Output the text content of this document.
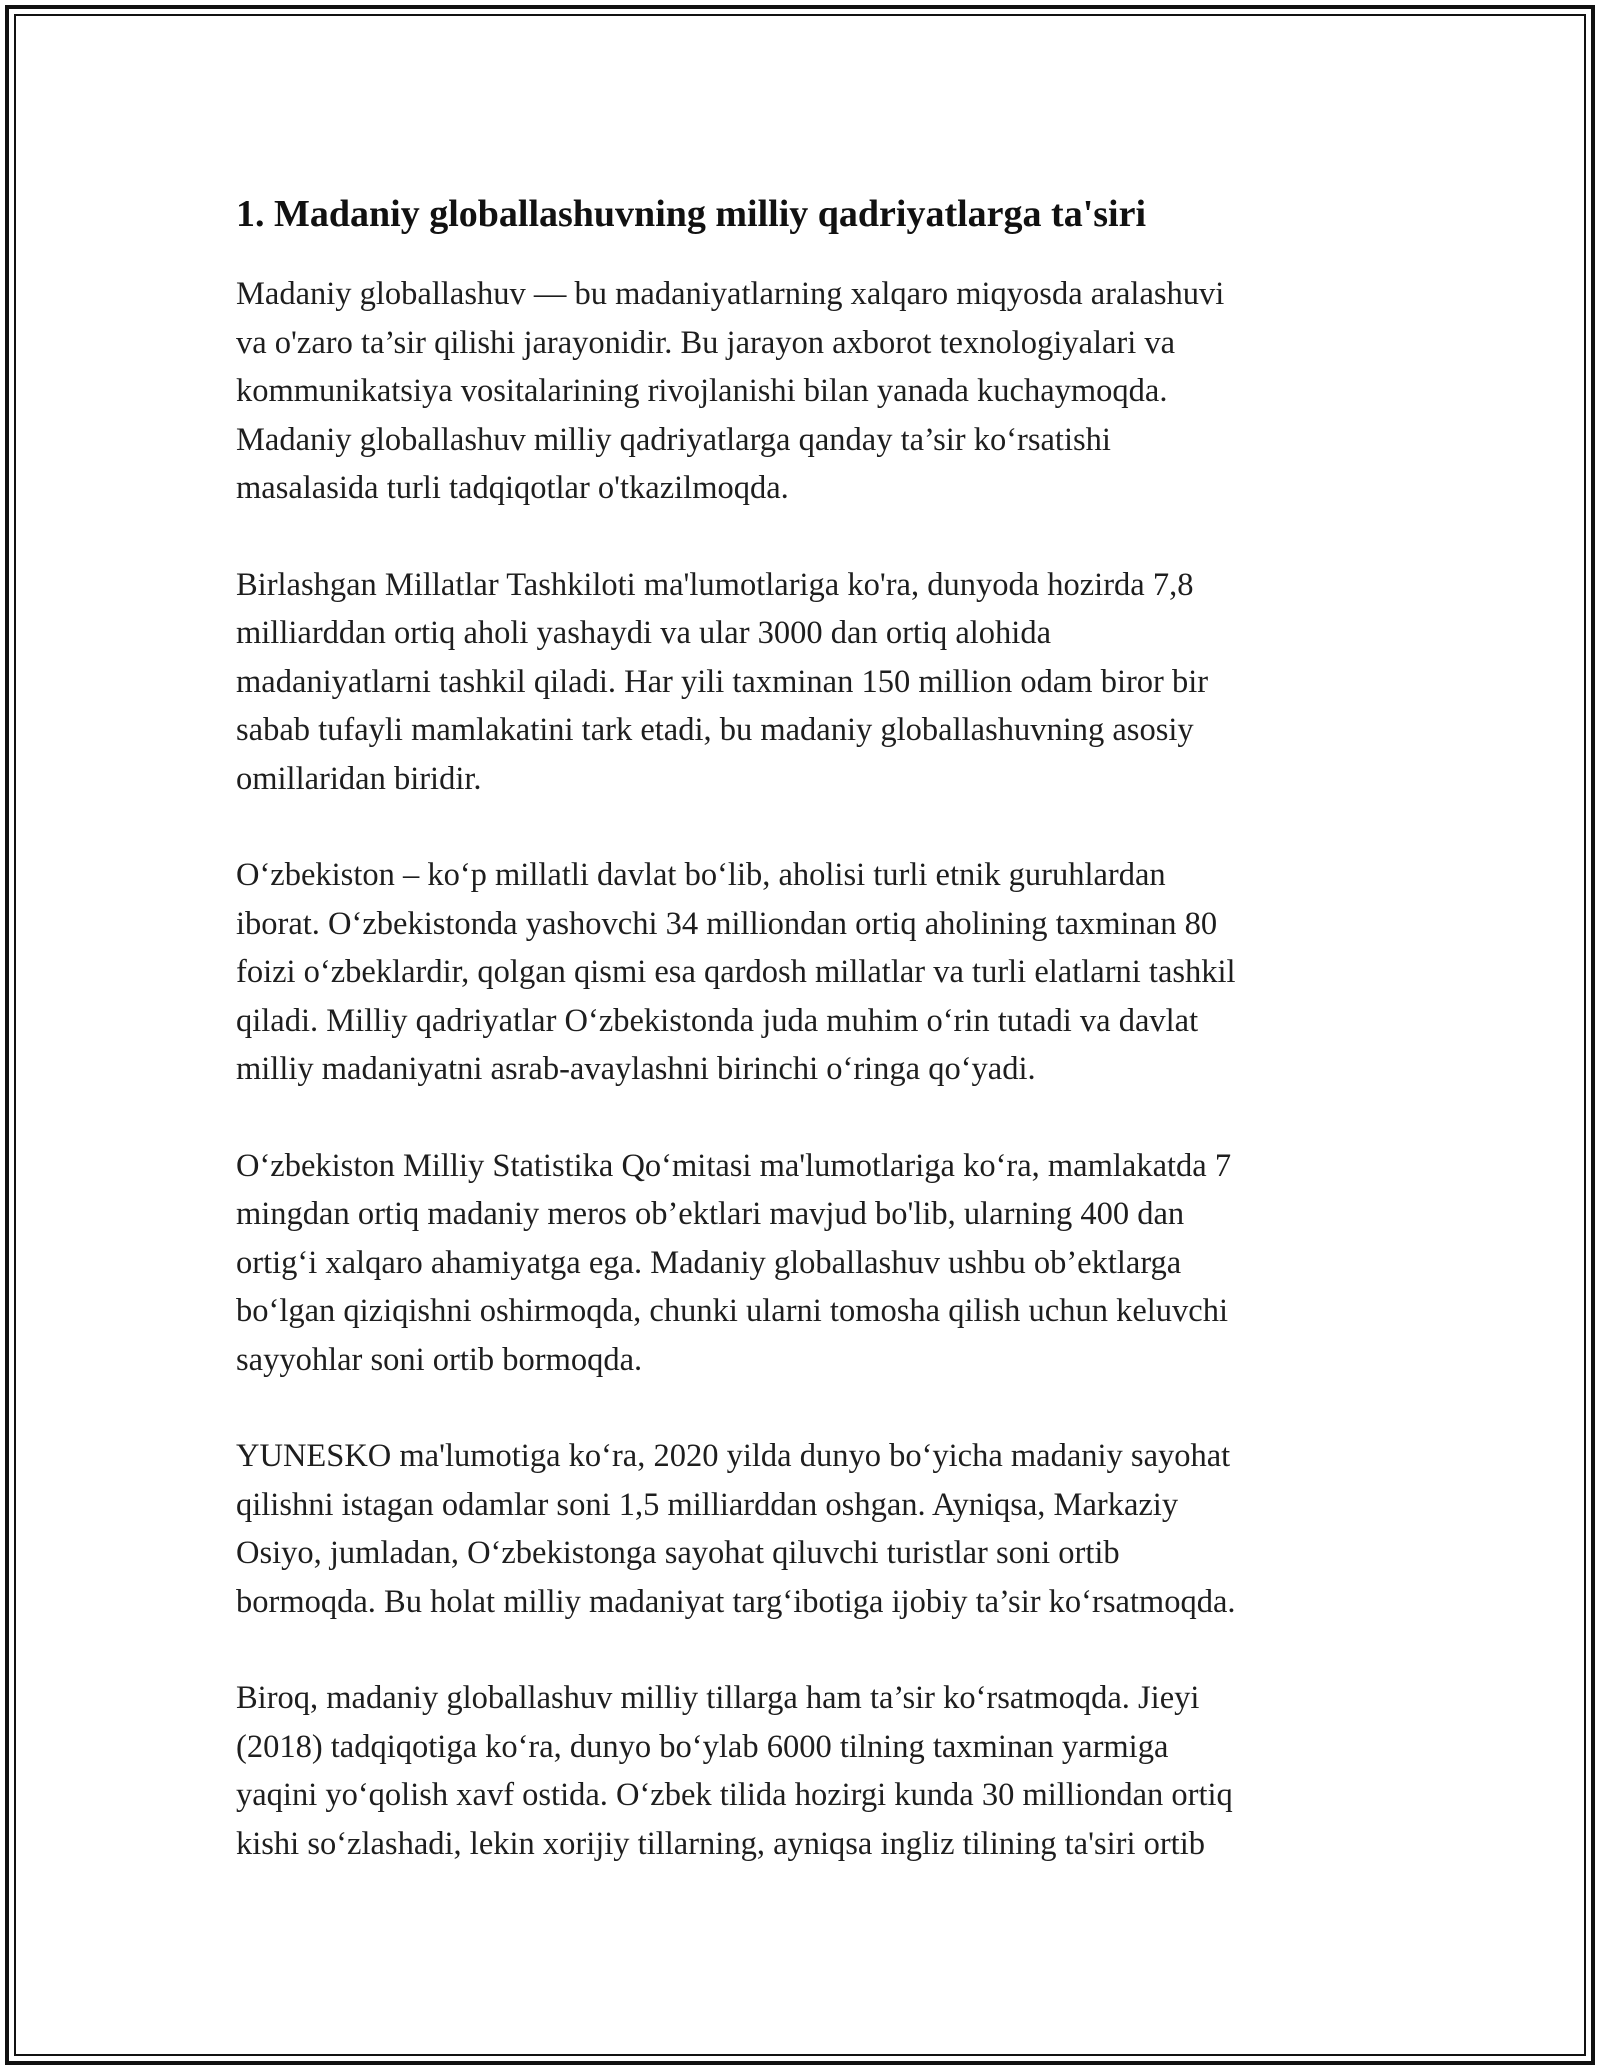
1. Madaniy globallashuvning milliy qadriyatlarga ta'siri

Madaniy globallashuv — bu madaniyatlarning xalqaro miqyosda aralashuvi
va o'zaro ta’sir qilishi jarayonidir. Bu jarayon axborot texnologiyalari va
kommunikatsiya vositalarining rivojlanishi bilan yanada kuchaymoqda.
Madaniy globallashuv milliy qadriyatlarga qanday ta’sir koʻrsatishi
masalasida turli tadqiqotlar o'tkazilmoqda.

Birlashgan Millatlar Tashkiloti ma'lumotlariga ko'ra, dunyoda hozirda 7,8
milliarddan ortiq aholi yashaydi va ular 3000 dan ortiq alohida
madaniyatlarni tashkil qiladi. Har yili taxminan 150 million odam biror bir
sabab tufayli mamlakatini tark etadi, bu madaniy globallashuvning asosiy
omillaridan biridir.

Oʻzbekiston – koʻp millatli davlat boʻlib, aholisi turli etnik guruhlardan
iborat. Oʻzbekistonda yashovchi 34 milliondan ortiq aholining taxminan 80
foizi oʻzbeklardir, qolgan qismi esa qardosh millatlar va turli elatlarni tashkil
qiladi. Milliy qadriyatlar Oʻzbekistonda juda muhim oʻrin tutadi va davlat
milliy madaniyatni asrab-avaylashni birinchi oʻringa qoʻyadi.

Oʻzbekiston Milliy Statistika Qoʻmitasi ma'lumotlariga koʻra, mamlakatda 7
mingdan ortiq madaniy meros ob’ektlari mavjud bo'lib, ularning 400 dan
ortigʻi xalqaro ahamiyatga ega. Madaniy globallashuv ushbu ob’ektlarga
boʻlgan qiziqishni oshirmoqda, chunki ularni tomosha qilish uchun keluvchi
sayyohlar soni ortib bormoqda.

YUNESKO ma'lumotiga koʻra, 2020 yilda dunyo boʻyicha madaniy sayohat
qilishni istagan odamlar soni 1,5 milliarddan oshgan. Ayniqsa, Markaziy
Osiyo, jumladan, Oʻzbekistonga sayohat qiluvchi turistlar soni ortib
bormoqda. Bu holat milliy madaniyat targʻibotiga ijobiy ta’sir koʻrsatmoqda.

Biroq, madaniy globallashuv milliy tillarga ham ta’sir koʻrsatmoqda. Jieyi
(2018) tadqiqotiga koʻra, dunyo boʻylab 6000 tilning taxminan yarmiga
yaqini yoʻqolish xavf ostida. Oʻzbek tilida hozirgi kunda 30 milliondan ortiq
kishi soʻzlashadi, lekin xorijiy tillarning, ayniqsa ingliz tilining ta'siri ortib
